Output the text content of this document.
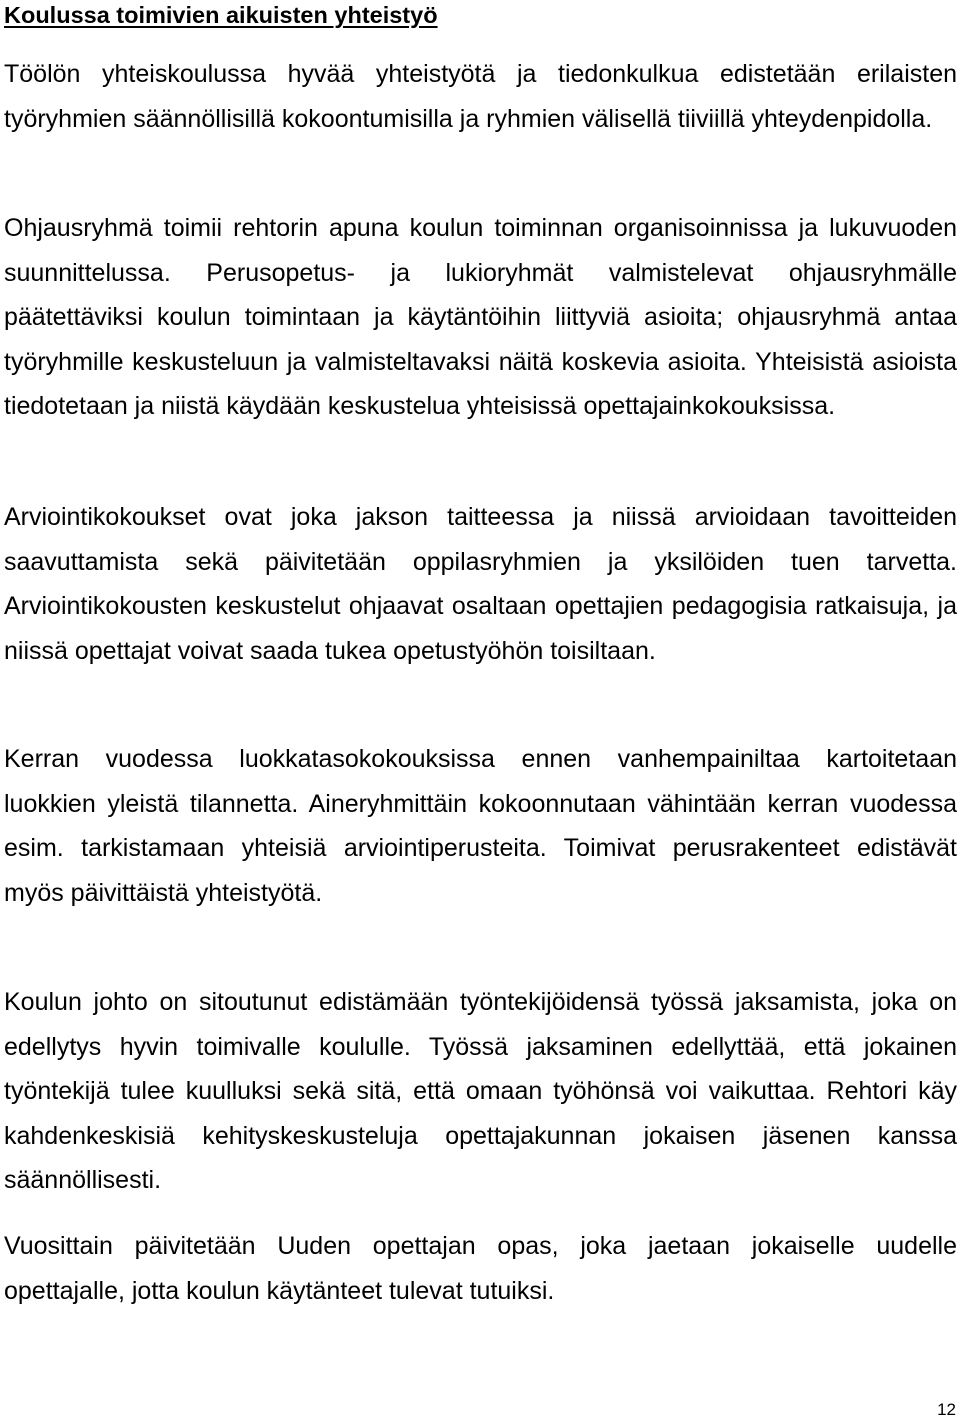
Koulussa toimivien aikuisten yhteistyö

Töölön yhteiskoulussa hyvää yhteistyötä ja tiedonkulkua edistetään erilaisten työryhmien säännöllisillä kokoontumisilla ja ryhmien välisellä tiiviillä yhteydenpidolla.

Ohjausryhmä toimii rehtorin apuna koulun toiminnan organisoinnissa ja lukuvuoden suunnittelussa. Perusopetus- ja lukioryhmät valmistelevat ohjausryhmälle päätettäviksi koulun toimintaan ja käytäntöihin liittyviä asioita; ohjausryhmä antaa työryhmille keskusteluun ja valmisteltavaksi näitä koskevia asioita. Yhteisistä asioista tiedotetaan ja niistä käydään keskustelua yhteisissä opettajainkokouksissa.

Arviointikokoukset ovat joka jakson taitteessa ja niissä arvioidaan tavoitteiden saavuttamista sekä päivitetään oppilasryhmien ja yksilöiden tuen tarvetta. Arviointikokousten keskustelut ohjaavat osaltaan opettajien pedagogisia ratkaisuja, ja niissä opettajat voivat saada tukea opetustyöhön toisiltaan.

Kerran vuodessa luokkatasokokouksissa ennen vanhempainiltaa kartoitetaan luokkien yleistä tilannetta. Aineryhmittäin kokoonnutaan vähintään kerran vuodessa esim. tarkistamaan yhteisiä arviointiperusteita. Toimivat perusrakenteet edistävät myös päivittäistä yhteistyötä.

Koulun johto on sitoutunut edistämään työntekijöidensä työssä jaksamista, joka on edellytys hyvin toimivalle koululle. Työssä jaksaminen edellyttää, että jokainen työntekijä tulee kuulluksi sekä sitä, että omaan työhönsä voi vaikuttaa. Rehtori käy kahdenkeskisiä kehityskeskusteluja opettajakunnan jokaisen jäsenen kanssa säännöllisesti.

Vuosittain päivitetään Uuden opettajan opas, joka jaetaan jokaiselle uudelle opettajalle, jotta koulun käytänteet tulevat tutuiksi.

12
